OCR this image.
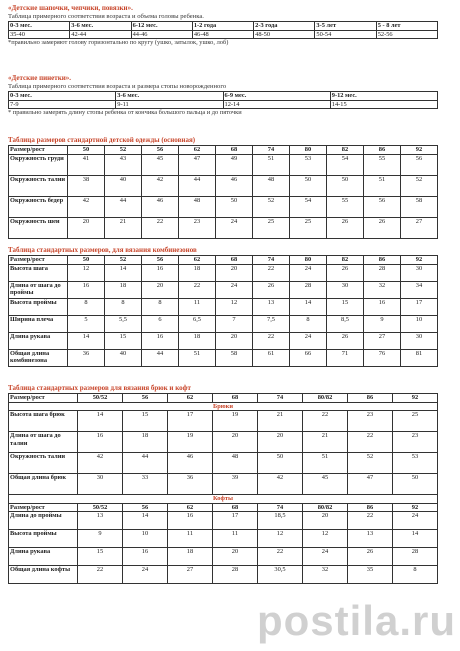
«Детские шапочки, чепчики, повязки».
Таблица примерного соответствия возраста и объема головы ребенка.
0-3 мес.	3-6 мес.	6-12 мес.	1-2 года	2-3 года	3-5 лет	5 - 8 лет
35-40	42-44	44-46	46-48	48-50	50-54	52-56
*правильно замеряют голову горизонтально по кругу (ушко, затылок, ушко, лоб)
«Детские пинетки».
Таблица примерного соответствия возраста и размера стопы новорожденного
0-3 мес.	3-6 мес.	6-9 мес.	9-12 мес.
7-9	9-11	12-14	14-15
* правильно замерять длину стопы ребенка от кончика большого пальца и до пяточки
Таблица размеров стандартной детской одежды (основная)
Размер/рост	50	52	56	62	68	74	80	82	86	92
Окружность груди	41	43	45	47	49	51	53	54	55	56
Окружность талии	38	40	42	44	46	48	50	50	51	52
Окружность бедер	42	44	46	48	50	52	54	55	56	58
Окружность шеи	20	21	22	23	24	25	25	26	26	27
Таблица стандартных размеров, для вязания комбинезонов
Размер/рост	50	52	56	62	68	74	80	82	86	92
Высота шага	12	14	16	18	20	22	24	26	28	30
Длина от шага до проймы	16	18	20	22	24	26	28	30	32	34
Высота проймы	8	8	8	11	12	13	14	15	16	17
Ширина плеча	5	5,5	6	6,5	7	7,5	8	8,5	9	10
Длина рукава	14	15	16	18	20	22	24	26	27	30
Общая длина комбинезона	36	40	44	51	58	61	66	71	76	81
Таблица стандартных размеров для вязания брюк и кофт
Размер/рост	50/52	56	62	68	74	80/82	86	92
Брюки								
Высота шага брюк	14	15	17	19	21	22	23	25
Длина от шага до талии	16	18	19	20	20	21	22	23
Окружность талии	42	44	46	48	50	51	52	53
Общая длина брюк	30	33	36	39	42	45	47	50
Кофты								
Размер/рост	50/52	56	62	68	74	80/82	86	92
Длина до проймы	13	14	16	17	18,5	20	22	24
Высота проймы	9	10	11	11	12	12	13	14
Длина рукава	15	16	18	20	22	24	26	28
Общая длина кофты	22	24	27	28	30,5	32	35	8
postila.ru
